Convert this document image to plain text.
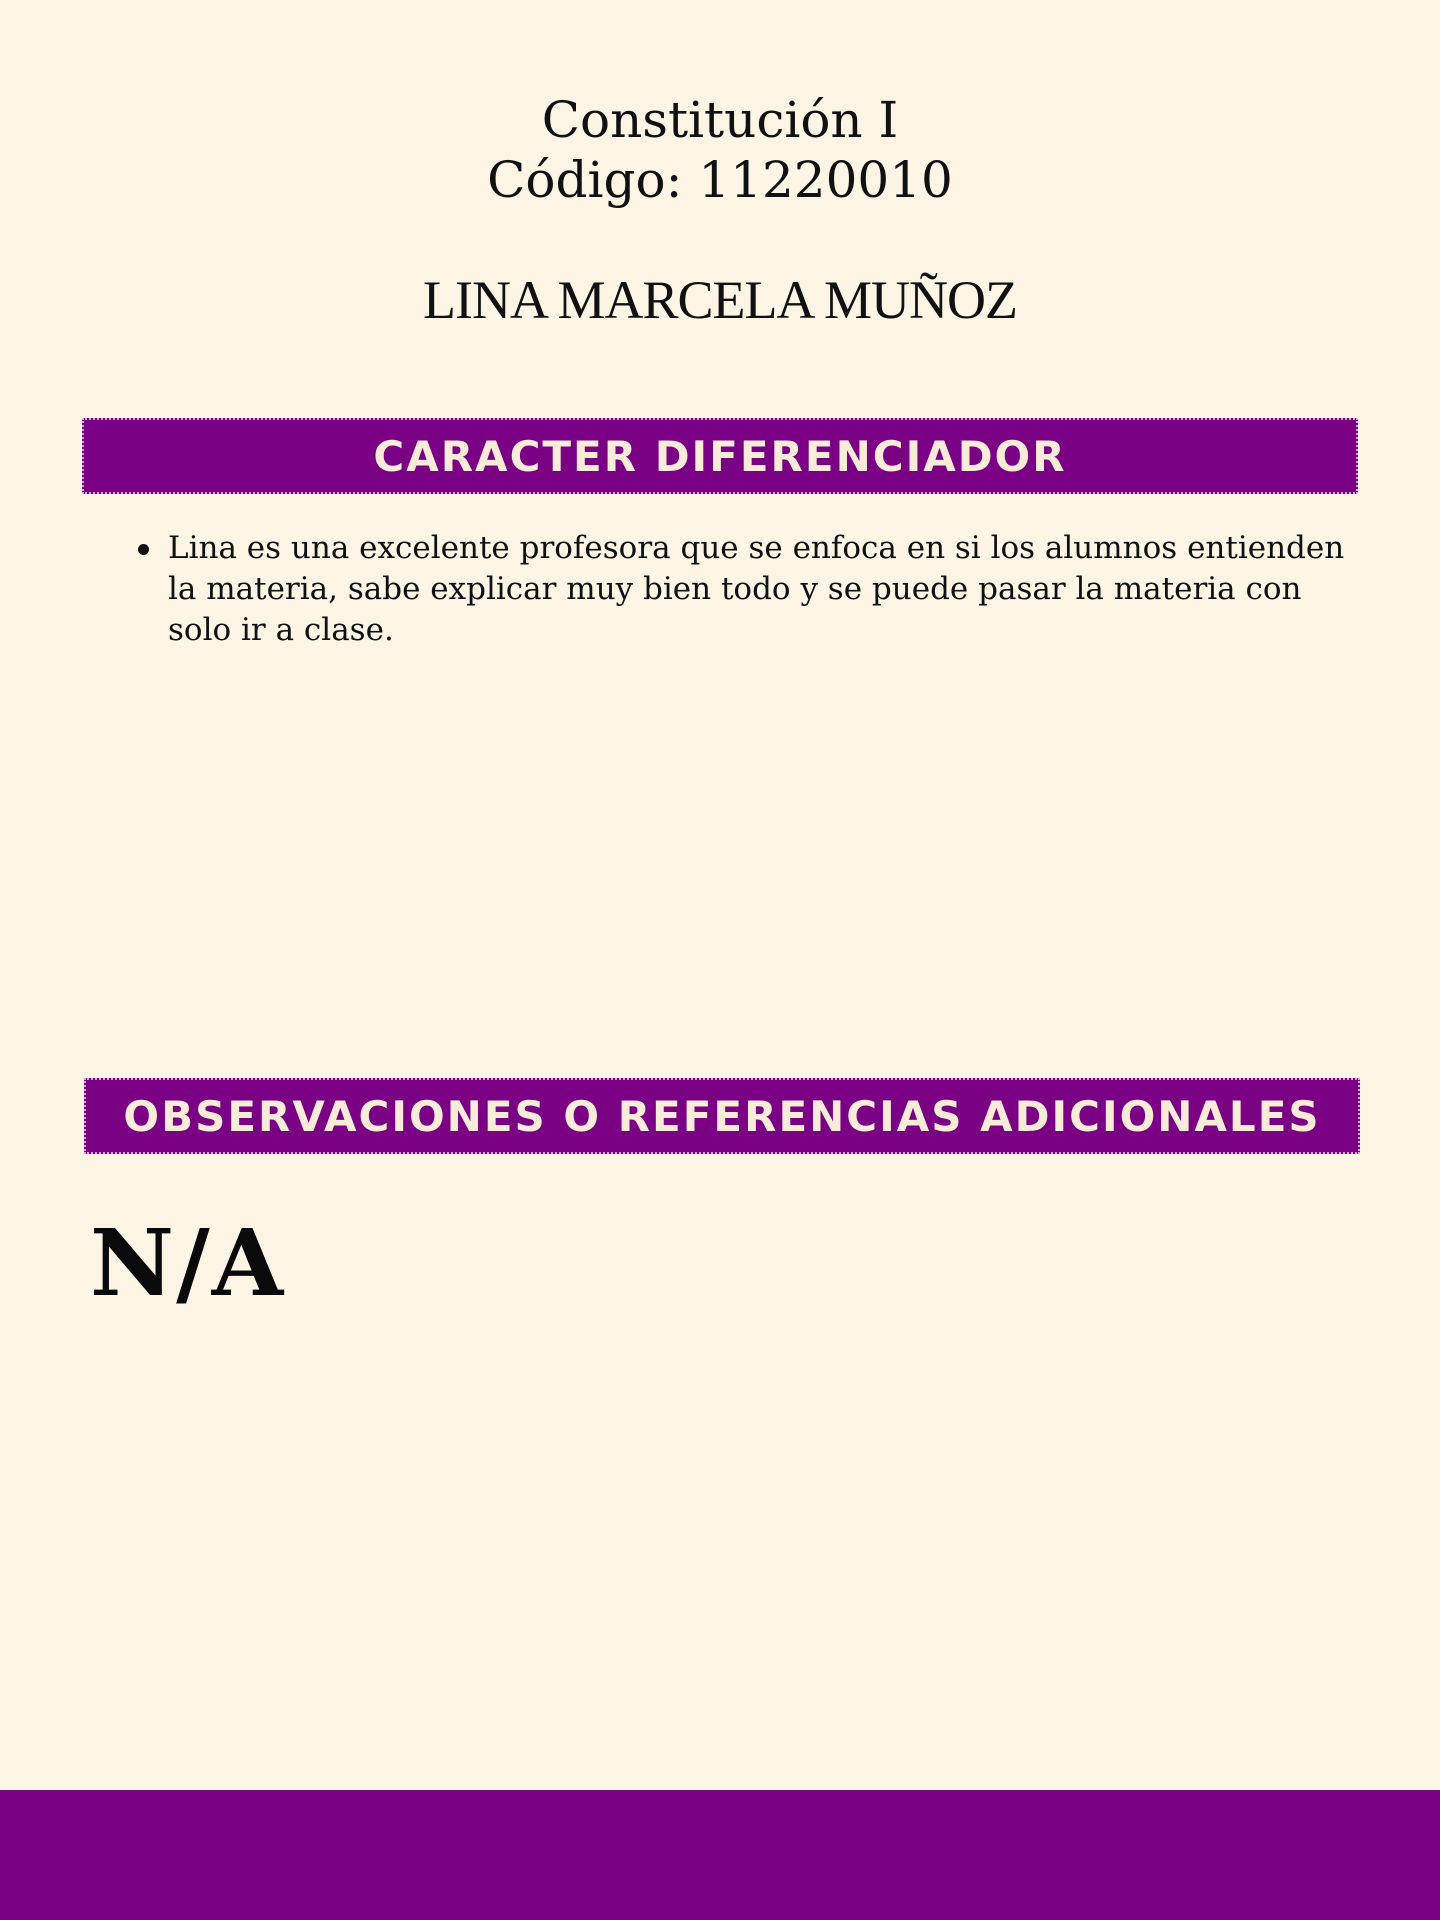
Constitución I
Código: 11220010
LINA MARCELA MUÑOZ
CARACTER DIFERENCIADOR
Lina es una excelente profesora que se enfoca en si los alumnos entienden la materia, sabe explicar muy bien todo y se puede pasar la materia con solo ir a clase.
OBSERVACIONES O REFERENCIAS ADICIONALES
N/A
